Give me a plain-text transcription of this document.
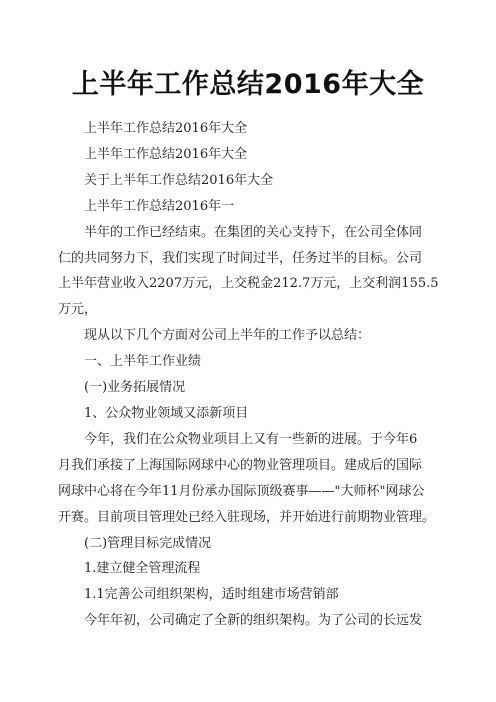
上半年工作总结2016年大全
上半年工作总结2016年大全
上半年工作总结2016年大全
关于上半年工作总结2016年大全
上半年工作总结2016年一
半年的工作已经结束。在集团的关心支持下，在公司全体同
仁的共同努力下，我们实现了时间过半，任务过半的目标。公司
上半年营业收入2207万元，上交税金212.7万元，上交利润155.5
万元，
现从以下几个方面对公司上半年的工作予以总结：
一、上半年工作业绩
(一)业务拓展情况
1、公众物业领域又添新项目
今年，我们在公众物业项目上又有一些新的进展。于今年6
月我们承接了上海国际网球中心的物业管理项目。建成后的国际
网球中心将在今年11月份承办国际顶级赛事——"大师杯"网球公
开赛。目前项目管理处已经入驻现场，并开始进行前期物业管理。
(二)管理目标完成情况
1.建立健全管理流程
1.1完善公司组织架构，适时组建市场营销部
今年年初，公司确定了全新的组织架构。为了公司的长远发
